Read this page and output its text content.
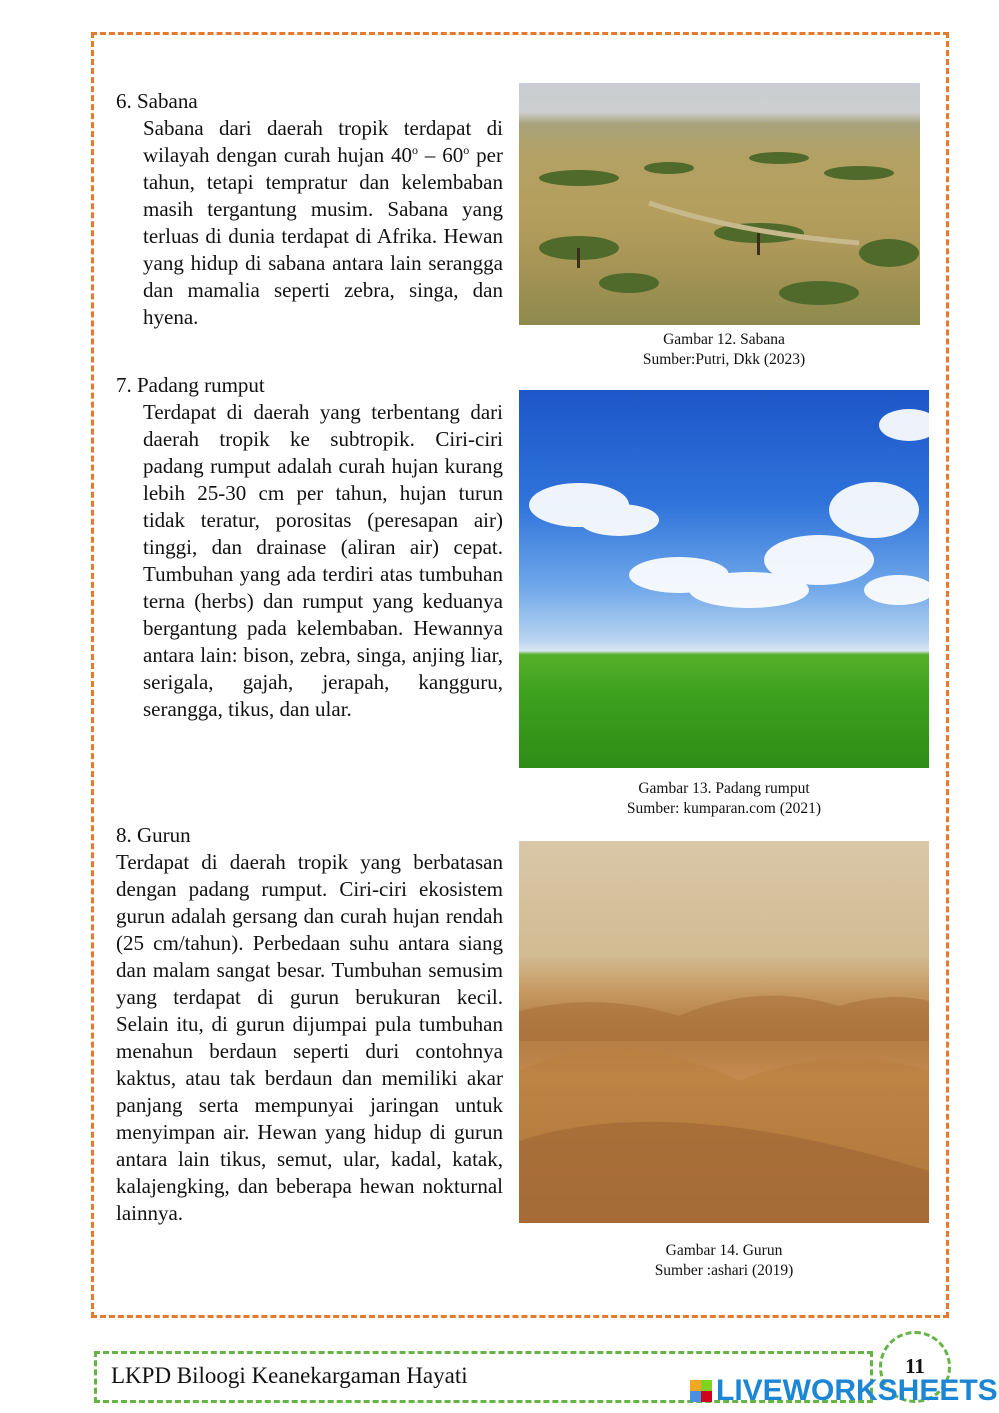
6. Sabana
Sabana dari daerah tropik terdapat di wilayah dengan curah hujan 40$^o$ – 60$^o$ per tahun, tetapi tempratur dan kelembaban masih tergantung musim. Sabana yang terluas di dunia terdapat di Afrika. Hewan yang hidup di sabana antara lain serangga dan mamalia seperti zebra, singa, dan hyena.
Gambar 12. Sabana
Sumber:Putri, Dkk (2023)
7. Padang rumput
Terdapat di daerah yang terbentang dari daerah tropik ke subtropik. Ciri-ciri padang rumput adalah curah hujan kurang lebih 25-30 cm per tahun, hujan turun tidak teratur, porositas (peresapan air) tinggi, dan drainase (aliran air) cepat. Tumbuhan yang ada terdiri atas tumbuhan terna (herbs) dan rumput yang keduanya bergantung pada kelembaban. Hewannya antara lain: bison, zebra, singa, anjing liar, serigala, gajah, jerapah, kangguru, serangga, tikus, dan ular.
Gambar 13. Padang rumput
Sumber: kumparan.com (2021)
8. Gurun
Terdapat di daerah tropik yang berbatasan dengan padang rumput. Ciri-ciri ekosistem gurun adalah gersang dan curah hujan rendah (25 cm/tahun). Perbedaan suhu antara siang dan malam sangat besar. Tumbuhan semusim yang terdapat di gurun berukuran kecil. Selain itu, di gurun dijumpai pula tumbuhan menahun berdaun seperti duri contohnya kaktus, atau tak berdaun dan memiliki akar panjang serta mempunyai jaringan untuk menyimpan air. Hewan yang hidup di gurun antara lain tikus, semut, ular, kadal, katak, kalajengking, dan beberapa hewan nokturnal lainnya.
Gambar 14. Gurun
Sumber :ashari (2019)
LKPD Biloogi Keanekargaman Hayati	11
LIVEWORKSHEETS
